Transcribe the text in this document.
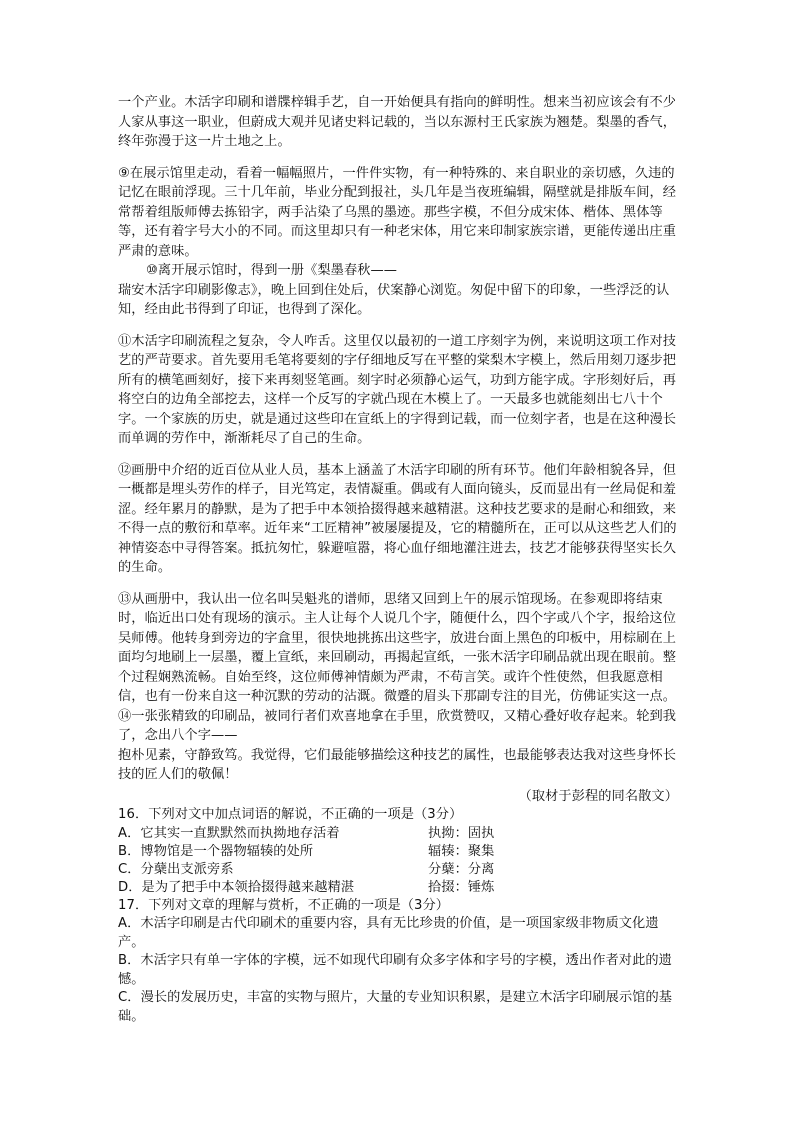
一个产业。木活字印刷和谱牒梓辑手艺，自一开始便具有指向的鲜明性。想来当初应该会有不少人家从事这一职业，但蔚成大观并见诸史料记载的，当以东源村王氏家族为翘楚。梨墨的香气，终年弥漫于这一片土地之上。

⑨在展示馆里走动，看着一幅幅照片，一件件实物，有一种特殊的、来自职业的亲切感，久违的记忆在眼前浮现。三十几年前，毕业分配到报社，头几年是当夜班编辑，隔壁就是排版车间，经常帮着组版师傅去拣铅字，两手沾染了乌黑的墨迹。那些字模，不但分成宋体、楷体、黑体等等，还有着字号大小的不同。而这里却只有一种老宋体，用它来印制家族宗谱，更能传递出庄重严肃的意味。

⑩离开展示馆时，得到一册《梨墨春秋——

瑞安木活字印刷影像志》，晚上回到住处后，伏案静心浏览。匆促中留下的印象，一些浮泛的认知，经由此书得到了印证，也得到了深化。

⑪木活字印刷流程之复杂，令人咋舌。这里仅以最初的一道工序刻字为例，来说明这项工作对技艺的严苛要求。首先要用毛笔将要刻的字仔细地反写在平整的棠梨木字模上，然后用刻刀逐步把所有的横笔画刻好，接下来再刻竖笔画。刻字时必须静心运气，功到方能字成。字形刻好后，再将空白的边角全部挖去，这样一个反写的字就凸现在木模上了。一天最多也就能刻出七八十个字。一个家族的历史，就是通过这些印在宣纸上的字得到记载，而一位刻字者，也是在这种漫长而单调的劳作中，渐渐耗尽了自己的生命。

⑫画册中介绍的近百位从业人员，基本上涵盖了木活字印刷的所有环节。他们年龄相貌各异，但一概都是埋头劳作的样子，目光笃定，表情凝重。偶或有人面向镜头，反而显出有一丝局促和羞涩。经年累月的静默，是为了把手中本领拾掇得越来越精湛。这种技艺要求的是耐心和细致，来不得一点的敷衍和草率。近年来“工匠精神”被屡屡提及，它的精髓所在，正可以从这些艺人们的神情姿态中寻得答案。抵抗匆忙，躲避喧嚣，将心血仔细地灌注进去，技艺才能够获得坚实长久的生命。

⑬从画册中，我认出一位名叫吴魁兆的谱师，思绪又回到上午的展示馆现场。在参观即将结束时，临近出口处有现场的演示。主人让每个人说几个字，随便什么，四个字或八个字，报给这位吴师傅。他转身到旁边的字盒里，很快地挑拣出这些字，放进台面上黑色的印板中，用棕刷在上面均匀地刷上一层墨，覆上宣纸，来回刷动，再揭起宣纸，一张木活字印刷品就出现在眼前。整个过程娴熟流畅。自始至终，这位师傅神情颇为严肃，不苟言笑。或许个性使然，但我愿意相信，也有一份来自这一种沉默的劳动的沾溉。微蹙的眉头下那副专注的目光，仿佛证实这一点。

⑭一张张精致的印刷品，被同行者们欢喜地拿在手里，欣赏赞叹，又精心叠好收存起来。轮到我了，念出八个字——

抱朴见素，守静致笃。我觉得，它们最能够描绘这种技艺的属性，也最能够表达我对这些身怀长技的匠人们的敬佩！

（取材于彭程的同名散文）

16．下列对文中加点词语的解说，不正确的一项是（3分）

A．它其实一直默默然而执拗地存活着	执拗：固执
B．博物馆是一个器物辐辏的处所	辐辏：聚集
C．分蘖出支派旁系	分蘖：分离
D．是为了把手中本领拾掇得越来越精湛	拾掇：锤炼

17．下列对文章的理解与赏析，不正确的一项是（3分）

A．木活字印刷是古代印刷术的重要内容，具有无比珍贵的价值，是一项国家级非物质文化遗产。

B．木活字只有单一字体的字模，远不如现代印刷有众多字体和字号的字模，透出作者对此的遗憾。

C．漫长的发展历史，丰富的实物与照片，大量的专业知识积累，是建立木活字印刷展示馆的基础。
